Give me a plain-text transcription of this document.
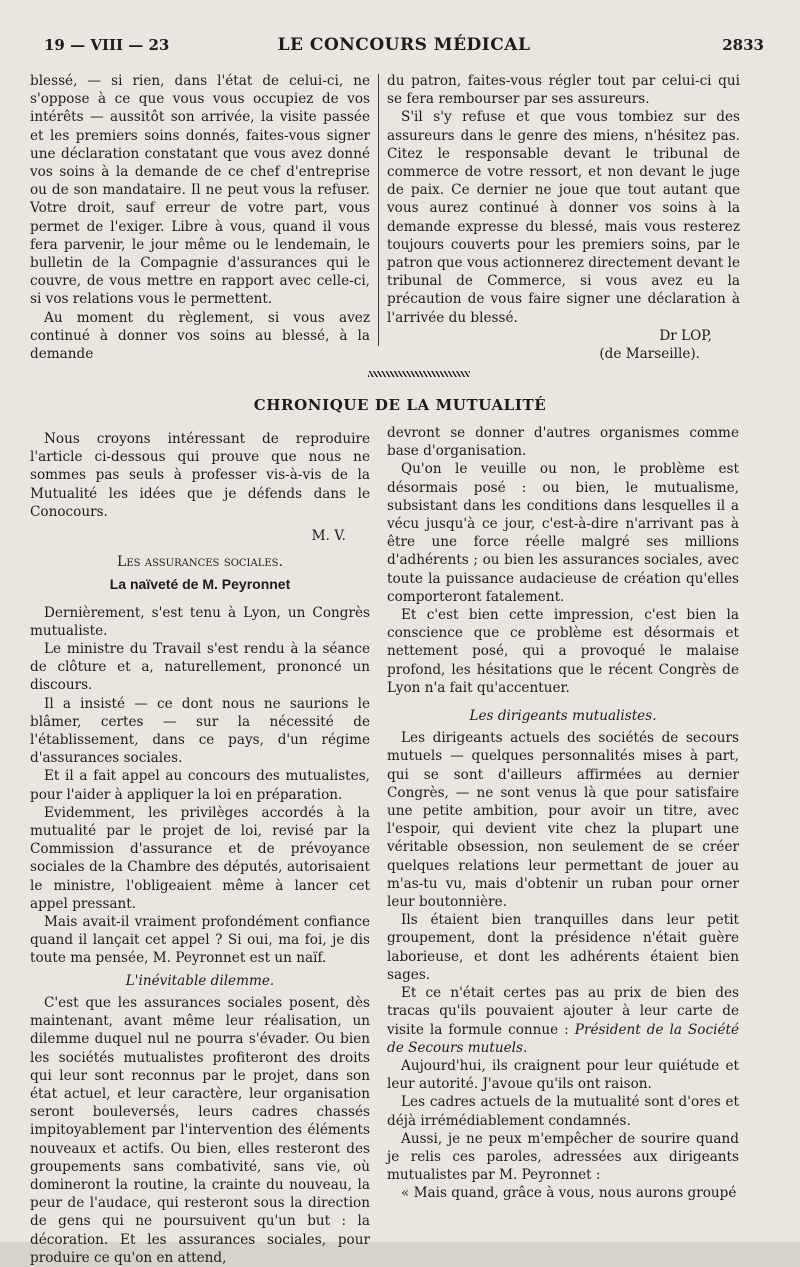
19 — VIII — 23	LE CONCOURS MÉDICAL	2833

blessé, — si rien, dans l'état de celui-ci, ne s'oppose à ce que vous vous occupiez de vos intérêts — aussitôt son arrivée, la visite passée et les premiers soins donnés, faites-vous signer une déclaration constatant que vous avez donné vos soins à la demande de ce chef d'entreprise ou de son mandataire. Il ne peut vous la refuser. Votre droit, sauf erreur de votre part, vous permet de l'exiger. Libre à vous, quand il vous fera parvenir, le jour même ou le lendemain, le bulletin de la Compagnie d'assurances qui le couvre, de vous mettre en rapport avec celle-ci, si vos relations vous le permettent.

Au moment du règlement, si vous avez continué à donner vos soins au blessé, à la demande

du patron, faites-vous régler tout par celui-ci qui se fera rembourser par ses assureurs.

S'il s'y refuse et que vous tombiez sur des assureurs dans le genre des miens, n'hésitez pas. Citez le responsable devant le tribunal de commerce de votre ressort, et non devant le juge de paix. Ce dernier ne joue que tout autant que vous aurez continué à donner vos soins à la demande expresse du blessé, mais vous resterez toujours couverts pour les premiers soins, par le patron que vous actionnerez directement devant le tribunal de Commerce, si vous avez eu la précaution de vous faire signer une déclaration à l'arrivée du blessé.

Dr LOP,

(de Marseille).

CHRONIQUE DE LA MUTUALITÉ

Nous croyons intéressant de reproduire l'article ci-dessous qui prouve que nous ne sommes pas seuls à professer vis-à-vis de la Mutualité les idées que je défends dans le Conocours.

M. V.

Les assurances sociales.

La naïveté de M. Peyronnet

Dernièrement, s'est tenu à Lyon, un Congrès mutualiste.

Le ministre du Travail s'est rendu à la séance de clôture et a, naturellement, prononcé un discours.

Il a insisté — ce dont nous ne saurions le blâmer, certes — sur la nécessité de l'établissement, dans ce pays, d'un régime d'assurances sociales.

Et il a fait appel au concours des mutualistes, pour l'aider à appliquer la loi en préparation.

Evidemment, les privilèges accordés à la mutualité par le projet de loi, revisé par la Commission d'assurance et de prévoyance sociales de la Chambre des députés, autorisaient le ministre, l'obligeaient même à lancer cet appel pressant.

Mais avait-il vraiment profondément confiance quand il lançait cet appel ? Si oui, ma foi, je dis toute ma pensée, M. Peyronnet est un naïf.

L'inévitable dilemme.

C'est que les assurances sociales posent, dès maintenant, avant même leur réalisation, un dilemme duquel nul ne pourra s'évader. Ou bien les sociétés mutualistes profiteront des droits qui leur sont reconnus par le projet, dans son état actuel, et leur caractère, leur organisation seront bouleversés, leurs cadres chassés impitoyablement par l'intervention des éléments nouveaux et actifs. Ou bien, elles resteront des groupements sans combativité, sans vie, où domineront la routine, la crainte du nouveau, la peur de l'audace, qui resteront sous la direction de gens qui ne poursuivent qu'un but : la décoration. Et les assurances sociales, pour produire ce qu'on en attend,

devront se donner d'autres organismes comme base d'organisation.

Qu'on le veuille ou non, le problème est désormais posé : ou bien, le mutualisme, subsistant dans les conditions dans lesquelles il a vécu jusqu'à ce jour, c'est-à-dire n'arrivant pas à être une force réelle malgré ses millions d'adhérents ; ou bien les assurances sociales, avec toute la puissance audacieuse de création qu'elles comporteront fatalement.

Et c'est bien cette impression, c'est bien la conscience que ce problème est désormais et nettement posé, qui a provoqué le malaise profond, les hésitations que le récent Congrès de Lyon n'a fait qu'accentuer.

Les dirigeants mutualistes.

Les dirigeants actuels des sociétés de secours mutuels — quelques personnalités mises à part, qui se sont d'ailleurs affirmées au dernier Congrès, — ne sont venus là que pour satisfaire une petite ambition, pour avoir un titre, avec l'espoir, qui devient vite chez la plupart une véritable obsession, non seulement de se créer quelques relations leur permettant de jouer au m'as-tu vu, mais d'obtenir un ruban pour orner leur boutonnière.

Ils étaient bien tranquilles dans leur petit groupement, dont la présidence n'était guère laborieuse, et dont les adhérents étaient bien sages.

Et ce n'était certes pas au prix de bien des tracas qu'ils pouvaient ajouter à leur carte de visite la formule connue : Président de la Société de Secours mutuels.

Aujourd'hui, ils craignent pour leur quiétude et leur autorité. J'avoue qu'ils ont raison.

Les cadres actuels de la mutualité sont d'ores et déjà irrémédiablement condamnés.

Aussi, je ne peux m'empêcher de sourire quand je relis ces paroles, adressées aux dirigeants mutualistes par M. Peyronnet :

« Mais quand, grâce à vous, nous aurons groupé
